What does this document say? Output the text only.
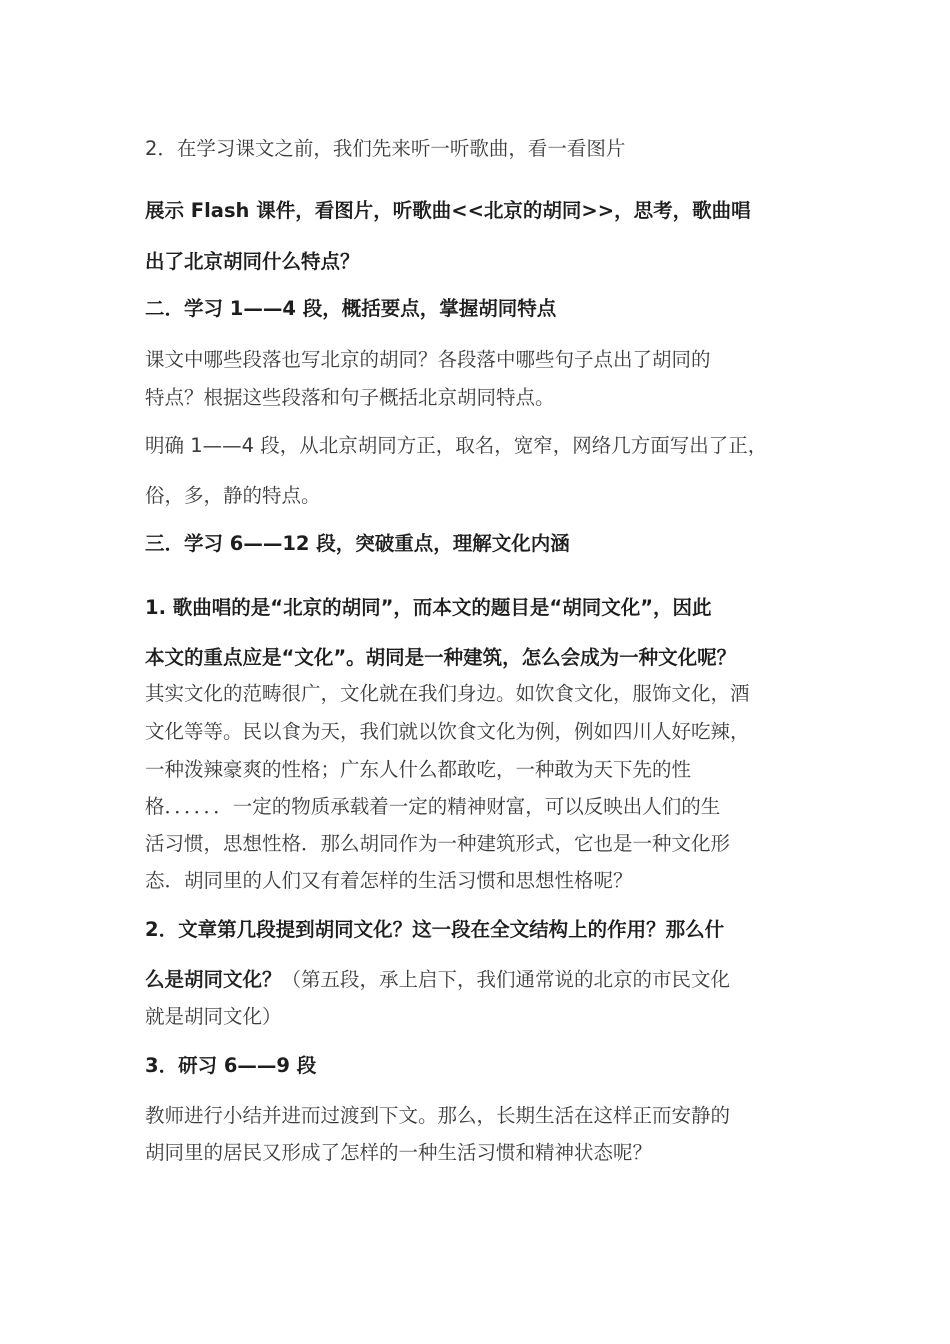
2．在学习课文之前，我们先来听一听歌曲，看一看图片
展示 Flash 课件，看图片，听歌曲<<北京的胡同>>，思考，歌曲唱
出了北京胡同什么特点？
二．学习 1——4 段，概括要点，掌握胡同特点
课文中哪些段落也写北京的胡同？各段落中哪些句子点出了胡同的
特点？根据这些段落和句子概括北京胡同特点。
明确 1——4 段，从北京胡同方正，取名，宽窄，网络几方面写出了正，
俗，多，静的特点。
三．学习 6——12 段，突破重点，理解文化内涵
1. 歌曲唱的是“北京的胡同”，而本文的题目是“胡同文化”，因此
本文的重点应是“文化”。胡同是一种建筑，怎么会成为一种文化呢？
其实文化的范畴很广，文化就在我们身边。如饮食文化，服饰文化，酒
文化等等。民以食为天，我们就以饮食文化为例，例如四川人好吃辣，
一种泼辣豪爽的性格；广东人什么都敢吃，一种敢为天下先的性
格．．．．．．一定的物质承载着一定的精神财富，可以反映出人们的生
活习惯，思想性格．那么胡同作为一种建筑形式，它也是一种文化形
态．胡同里的人们又有着怎样的生活习惯和思想性格呢？
2．文章第几段提到胡同文化？这一段在全文结构上的作用？那么什
么是胡同文化？（第五段，承上启下，我们通常说的北京的市民文化
就是胡同文化）
3．研习 6——9 段
教师进行小结并进而过渡到下文。那么，长期生活在这样正而安静的
胡同里的居民又形成了怎样的一种生活习惯和精神状态呢？
